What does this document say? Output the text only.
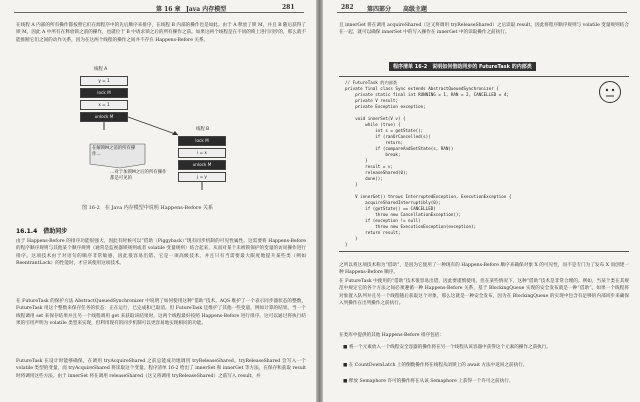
第 16 章 Java 内存模型	281
在线程 A 内部的所有操作都按照它们在源程序中的先后顺序来排序，在线程 B 内部的操作也是如此。由于 A 释放了锁 M，并且 B 随后获得了锁 M，因此 A 中所有在释放锁之前的操作，也就位于 B 中请求锁之后的所有操作之前。如果这两个线程是在不同的锁上进行同步的，那么就不能推断它们之间的动作关系，因为在这两个线程的操作之间并不存在 Happens-Before 关系。
线程 A
y = 1
lock M
x = 1
unlock M
在解锁M之前的所有操作…
…对于加锁M之后的所有操作都是可见的
线程 B
lock M
i = x
unlock M
j = y
图 16-2　在 Java 内存模型中说明 Happens-Before 关系
16.1.4　借助同步
由于 Happens-Before 的排序功能很强大，因此有时候可以“借助（Piggyback）”现有同步机制的可见性属性。这需要将 Happens-Before 的程序顺序规则与其他某个顺序规则（通常是监视器锁规则或者 volatile 变量规则）结合起来，从而对某个未被锁保护的变量的访问操作进行排序。这项技术由于对语句的顺序非常敏感，因此很容易出错。它是一项高级技术，并且只有当需要最大限度地提升某些类（例如 ReentrantLock）的性能时，才应该使用这项技术。
在 FutureTask 的保护方法 AbstractQueuedSynchronizer 中说明了如何使用这种“借助”技术。AQS 维护了一个表示同步器状态的整数，FutureTask 用这个整数来保存任务的状态：正在运行，已完成和已取消。但 FutureTask 还维护了其他一些变量，例如计算的结果。当一个线程调用 set 来保存结果并且另一个线程调用 get 来获取该结果时，这两个线程最好按照 Happens-Before 进行排序。这可以通过将执行结果的引用声明为 volatile 类型来实现，但利用现有的同步机制可以更容易地实现相同的功能。
FutureTask 在设计时能够确保，在调用 tryAcquireShared 之前总能成功地调用 tryReleaseShared。tryReleaseShared 会写入一个 volatile 类型的变量，而 tryAcquireShared 将读取这个变量。程序清单 16-2 给出了 innerSet 和 innerGet 等方法，在保存和获取 result 时将调用这些方法。由于 innerSet 将在调用 releaseShared（这又将调用 tryReleaseShared）之前写入 result，并
282 第四部分 高级主题
且 innerGet 将在调用 acquireShared（这又将调用 tryReleaseShared）之后读取 result，因此将程序顺序规则与 volatile 变量规则结合在一起，就可以确保 innerSet 中的写入操作在 innerGet 中的读取操作之前执行。
程序清单 16-2　说明如何借助同步的 FutureTask 的内部类
// FutureTask 的内部类
private final class Sync extends AbstractQueuedSynchronizer {
private static final int RUNNING = 1, RAN = 2, CANCELLED = 4;
private V result;
private Exception exception;
void innerSet(V v) {
while (true) {
int s = getState();
if (ranOrCancelled(s))
return;
if (compareAndSetState(s, RAN))
break;
}
result = v;
releaseShared(0);
done();
}
V innerGet() throws InterruptedException, ExecutionException {
acquireSharedInterruptibly(0);
if (getState() == CANCELLED)
throw new CancellationException();
if (exception != null)
throw new ExecutionException(exception);
return result;
}
}
之所以将这项技术称为“借助”，是因为它使用了一种现有的 Happens-Before 顺序来确保对象 X 的可见性，而不是专门为了发布 X 而创建一种 Happens-Before 顺序。
在 FutureTask 中使用的“借助”技术很容易出错，因此要谨慎使用。但在某些情况下，这种“借助”技术是非常合理的。例如，当某个类在其规范中规定它的各个方法之间必须遵循一种 Happens-Before 关系，基于 BlockingQueue 实现的安全发布就是一种“借助”。如果一个线程将对象置入队列并且另一个线程随后获取这个对象，那么这就是一种安全发布，因为在 BlockingQueue 的实现中包含有足够的内部同步来确保入列操作在出列操作之前执行。
在类库中提供的其他 Happens-Before 排序包括：
■ 将一个元素放入一个线程安全容器的操作将在另一个线程从该容器中获得这个元素的操作之前执行。
■ 在 CountDownLatch 上的倒数操作将在线程从闭锁上的 await 方法中返回之前执行。
■ 释放 Semaphore 许可的操作将在从该 Semaphore 上获得一个许可之前执行。
